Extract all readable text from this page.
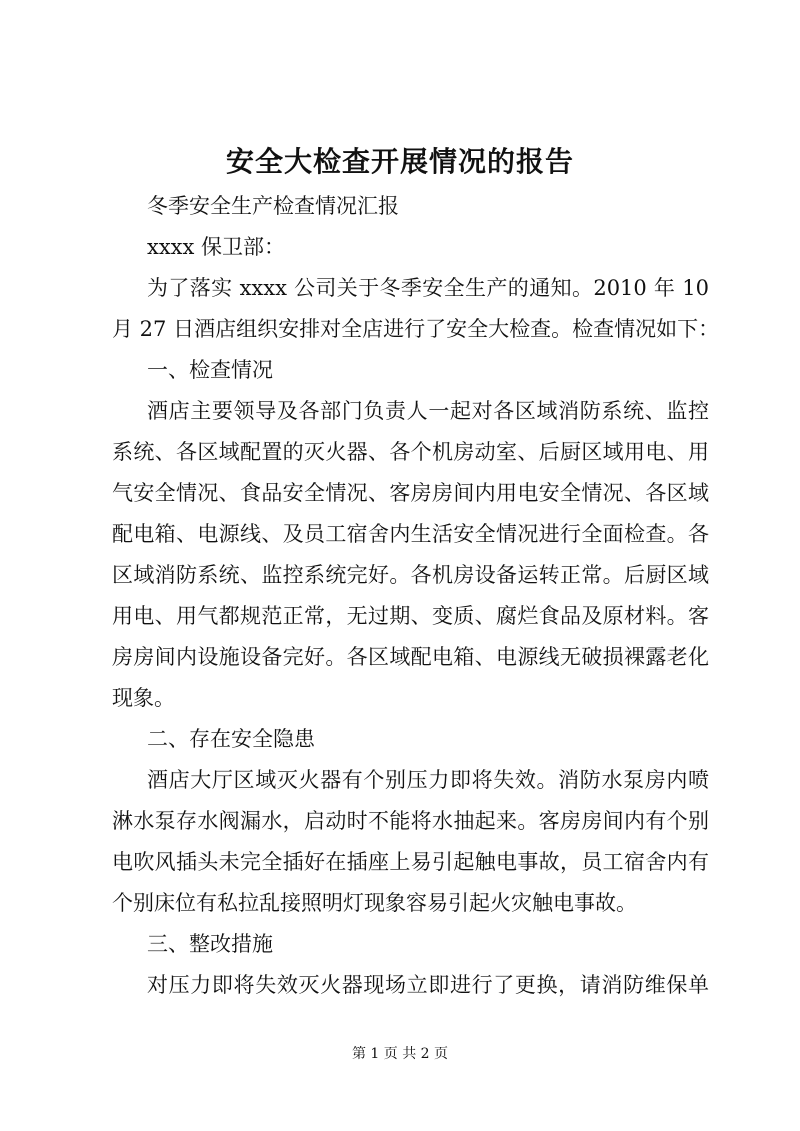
安全大检查开展情况的报告
冬季安全生产检查情况汇报
xxxx 保卫部：
为了落实 xxxx 公司关于冬季安全生产的通知。2010 年 10
月 27 日酒店组织安排对全店进行了安全大检查。检查情况如下：
一、检查情况
酒店主要领导及各部门负责人一起对各区域消防系统、监控
系统、各区域配置的灭火器、各个机房动室、后厨区域用电、用
气安全情况、食品安全情况、客房房间内用电安全情况、各区域
配电箱、电源线、及员工宿舍内生活安全情况进行全面检查。各
区域消防系统、监控系统完好。各机房设备运转正常。后厨区域
用电、用气都规范正常，无过期、变质、腐烂食品及原材料。客
房房间内设施设备完好。各区域配电箱、电源线无破损裸露老化
现象。
二、存在安全隐患
酒店大厅区域灭火器有个别压力即将失效。消防水泵房内喷
淋水泵存水阀漏水，启动时不能将水抽起来。客房房间内有个别
电吹风插头未完全插好在插座上易引起触电事故，员工宿舍内有
个别床位有私拉乱接照明灯现象容易引起火灾触电事故。
三、整改措施
对压力即将失效灭火器现场立即进行了更换，请消防维保单
第 1 页 共 2 页
